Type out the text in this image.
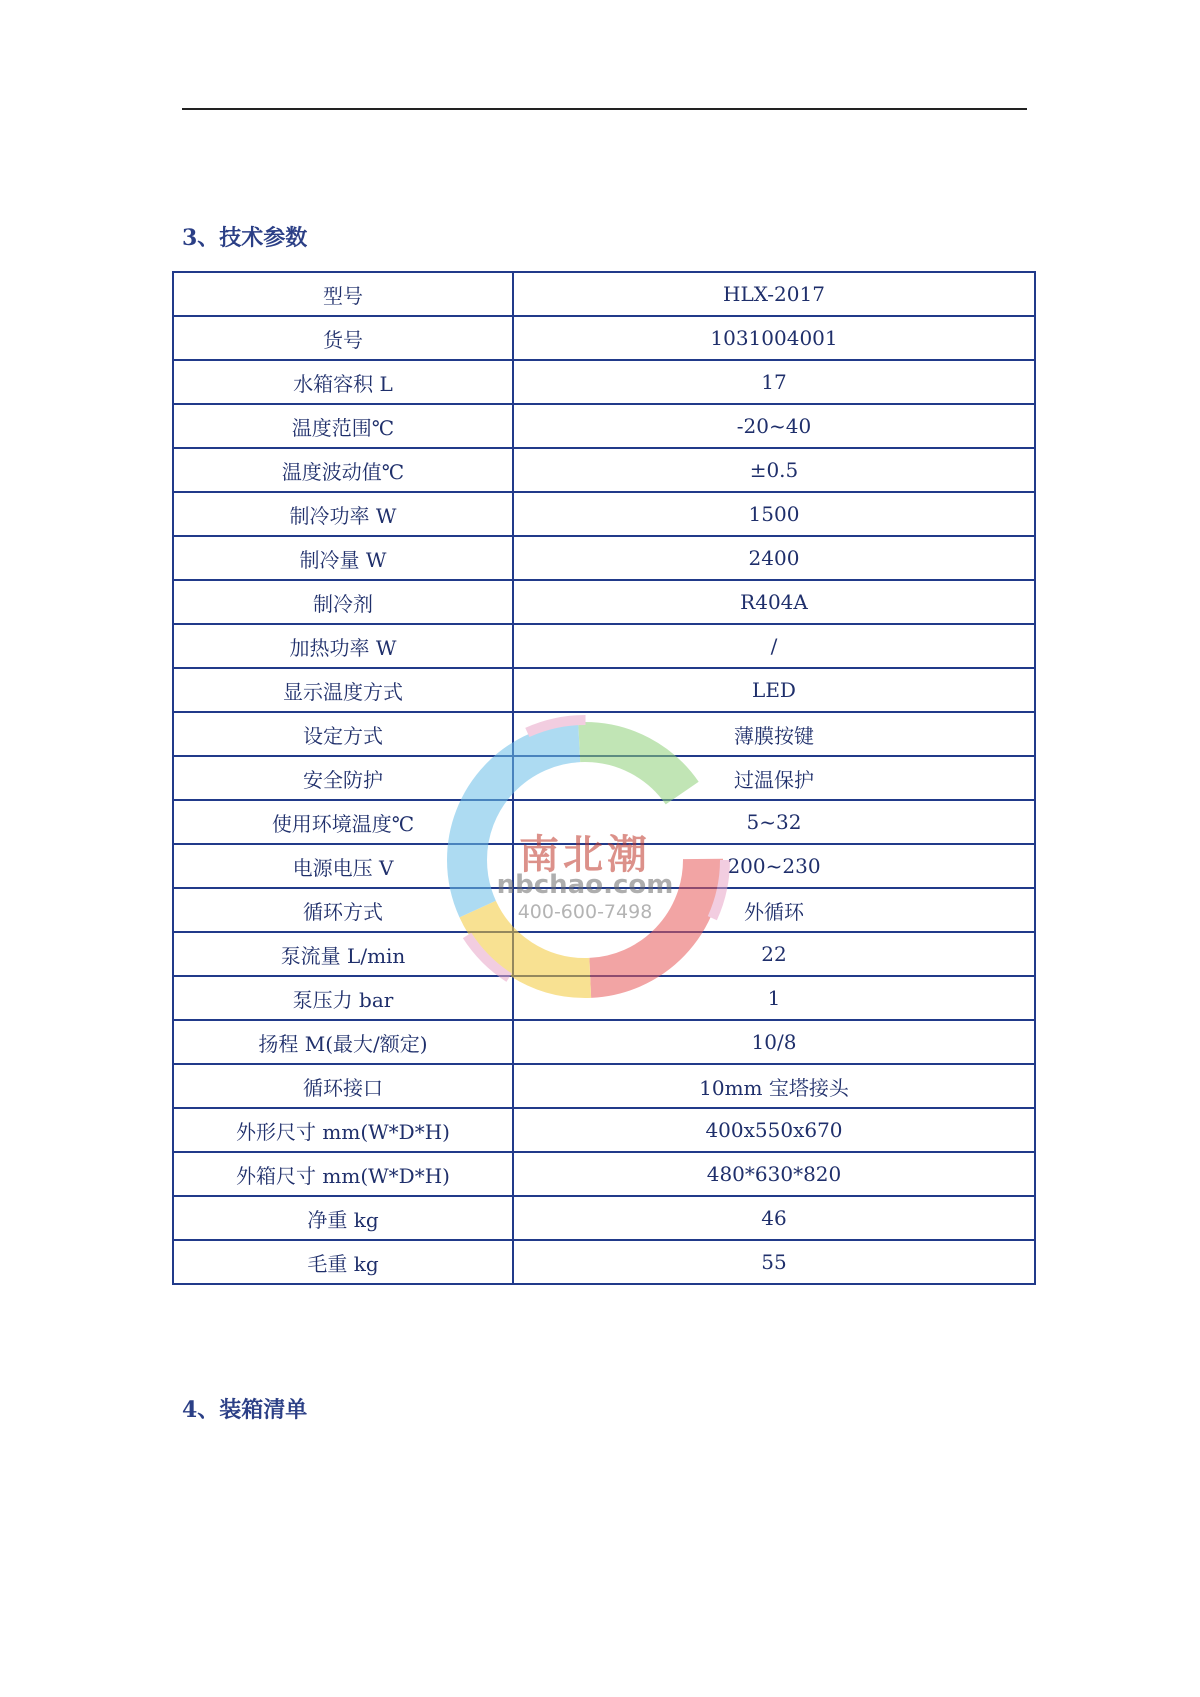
3、技术参数
型号	HLX-2017
货号	1031004001
水箱容积 L	17
温度范围℃	-20~40
温度波动值℃	±0.5
制冷功率 W	1500
制冷量 W	2400
制冷剂	R404A
加热功率 W	/
显示温度方式	LED
设定方式	薄膜按键
安全防护	过温保护
使用环境温度℃	5~32
电源电压 V	200~230
循环方式	外循环
泵流量 L/min	22
泵压力 bar	1
扬程 M(最大/额定)	10/8
循环接口	10mm 宝塔接头
外形尺寸 mm(W*D*H)	400x550x670
外箱尺寸 mm(W*D*H)	480*630*820
净重 kg	46
毛重 kg	55
4、装箱清单
南北潮
nbchao.com
400-600-7498
